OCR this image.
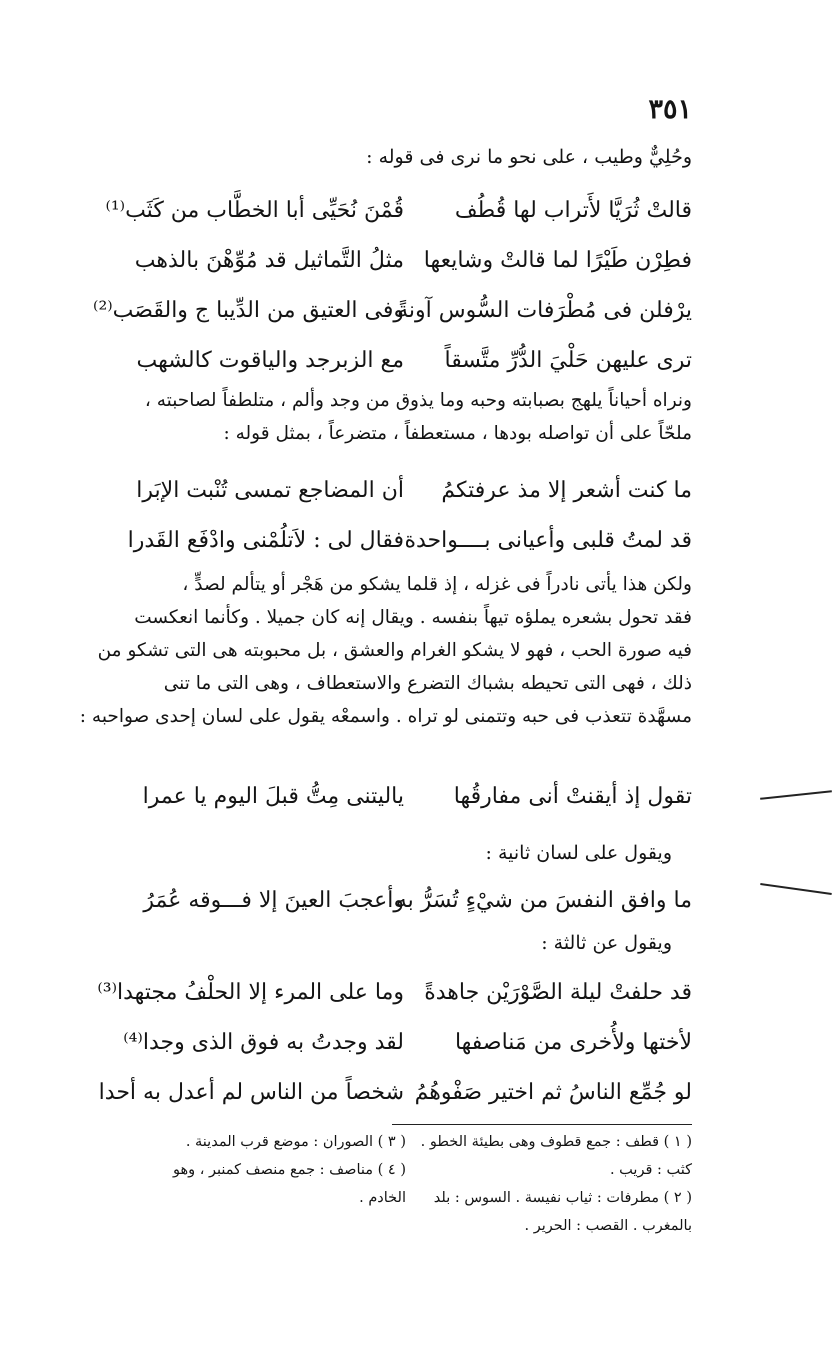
٣٥١
وحُلِيٌّ وطيب ، على نحو ما نرى فى قوله :
قالتْ ثُرَيَّا لأَتراب لها قُطُف
قُمْنَ نُحَيِّى أبا الخطَّاب من كَثَب⁽¹⁾
فطِرْن طَيْرًا لما قالتْ وشايعها
مثلُ التَّماثيل قد مُوِّهْنَ بالذهب
يرْفلن فى مُطْرَفات السُّوس آونةً
وفى العتيق من الدِّيبا ج والقَصَب⁽²⁾
ترى عليهن حَلْيَ الدُّرِّ متَّسقاً
مع الزبرجد والياقوت كالشهب
ونراه أحياناً يلهج بصبابته وحبه وما يذوق من وجد وألم ، متلطفاً لصاحبته ،
ملحّاً على أن تواصله بودها ، مستعطفاً ، متضرعاً ، بمثل قوله :
ما كنت أشعر إلا مذ عرفتكمُ
أن المضاجع تمسى تُنْبت الإبَرا
قد لمتُ قلبى وأعيانى بــــواحدة
فقال لى : لاَتلُمْنى وادْفَع القَدرا
ولكن هذا يأتى نادراً فى غزله ، إذ قلما يشكو من هَجْر أو يتألم لصدٍّ ،
فقد تحول بشعره يملؤه تيهاً بنفسه . ويقال إنه كان جميلا . وكأنما انعكست
فيه صورة الحب ، فهو لا يشكو الغرام والعشق ، بل محبوبته هى التى تشكو من
ذلك ، فهى التى تحيطه بشباك التضرع والاستعطاف ، وهى التى ما تنى
مسهَّدة تتعذب فى حبه وتتمنى لو تراه . واسمعْه يقول على لسان إحدى صواحبه :
تقول إذ أيقنتْ أنى مفارقُها
ياليتنى مِتُّ قبلَ اليوم يا عمرا
ويقول على لسان ثانية :
ما وافق النفسَ من شيْءٍ تُسَرُّ به
وأعجبَ العينَ إلا فـــوقه عُمَرُ
ويقول عن ثالثة :
قد حلفتْ ليلة الصَّوْرَيْن جاهدةً
وما على المرء إلا الحلْفُ مجتهدا⁽³⁾
لأختها ولأُخرى من مَناصفها
لقد وجدتُ به فوق الذى وجدا⁽⁴⁾
لو جُمِّع الناسُ ثم اختير صَفْوهُمُ
شخصاً من الناس لم أعدل به أحدا
( ١ ) قطف : جمع قطوف وهى بطيئة الخطو .
كثب : قريب .
( ٢ ) مطرفات : ثياب نفيسة . السوس : بلد
بالمغرب . القصب : الحرير .
( ٣ ) الصوران : موضع قرب المدينة .
( ٤ ) مناصف : جمع منصف كمنبر ، وهو
الخادم .
